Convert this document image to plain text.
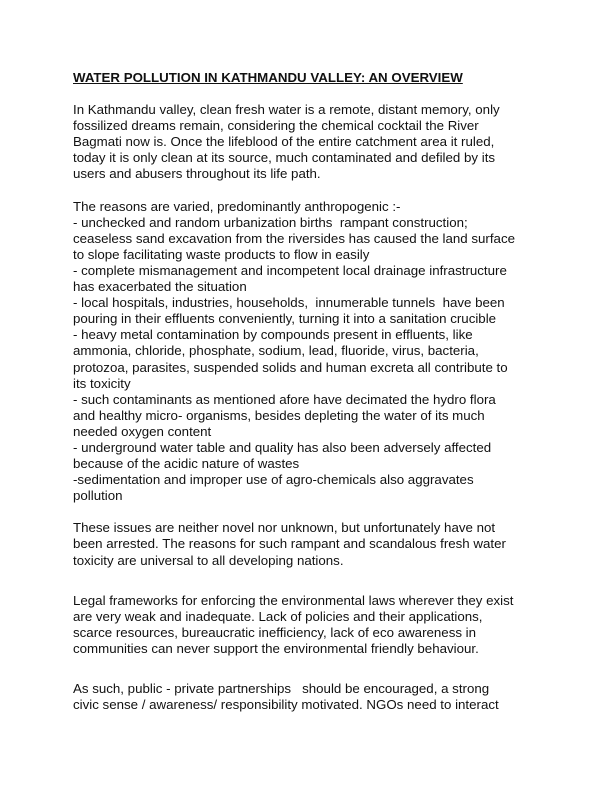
WATER POLLUTION IN KATHMANDU VALLEY: AN OVERVIEW
In Kathmandu valley, clean fresh water is a remote, distant memory, only
fossilized dreams remain, considering the chemical cocktail the River
Bagmati now is. Once the lifeblood of the entire catchment area it ruled,
today it is only clean at its source, much contaminated and defiled by its
users and abusers throughout its life path.
The reasons are varied, predominantly anthropogenic :-
- unchecked and random urbanization births  rampant construction;
ceaseless sand excavation from the riversides has caused the land surface
to slope facilitating waste products to flow in easily
- complete mismanagement and incompetent local drainage infrastructure
has exacerbated the situation
- local hospitals, industries, households,  innumerable tunnels  have been
pouring in their effluents conveniently, turning it into a sanitation crucible
- heavy metal contamination by compounds present in effluents, like
ammonia, chloride, phosphate, sodium, lead, fluoride, virus, bacteria,
protozoa, parasites, suspended solids and human excreta all contribute to
its toxicity
- such contaminants as mentioned afore have decimated the hydro flora
and healthy micro- organisms, besides depleting the water of its much
needed oxygen content
- underground water table and quality has also been adversely affected
because of the acidic nature of wastes
-sedimentation and improper use of agro-chemicals also aggravates
pollution
These issues are neither novel nor unknown, but unfortunately have not
been arrested. The reasons for such rampant and scandalous fresh water
toxicity are universal to all developing nations.
Legal frameworks for enforcing the environmental laws wherever they exist
are very weak and inadequate. Lack of policies and their applications,
scarce resources, bureaucratic inefficiency, lack of eco awareness in
communities can never support the environmental friendly behaviour.
As such, public - private partnerships   should be encouraged, a strong
civic sense / awareness/ responsibility motivated. NGOs need to interact
